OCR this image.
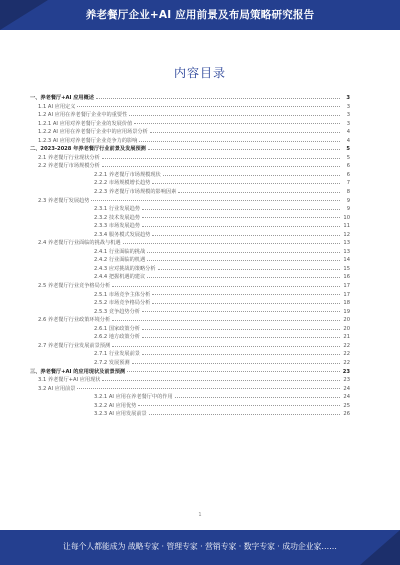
养老餐厅企业+AI 应用前景及布局策略研究报告
内容目录
一、养老餐厅+AI 应用概述	3
1.1 AI 应用定义	3
1.2 AI 应用在养老餐厅企业中的重要性	3
1.2.1 AI 应用对养老餐厅企业的发展价值	3
1.2.2 AI 应用在养老餐厅企业中的应用场景分析	4
1.2.3 AI 应用对养老餐厅企业竞争力的影响	4
二、2023-2028 年养老餐厅行业前景及发展预测	5
2.1 养老餐厅行业现状分析	5
2.2 养老餐厅市场规模分析	6
2.2.1 养老餐厅市场规模现状	6
2.2.2 市场规模增长趋势	7
2.2.3 养老餐厅市场规模的影响因素	8
2.3 养老餐厅发展趋势	9
2.3.1 行业发展趋势	9
2.3.2 技术发展趋势	10
2.3.3 市场发展趋势	11
2.3.4 服务模式发展趋势	12
2.4 养老餐厅行业面临的挑战与机遇	13
2.4.1 行业面临的挑战	13
2.4.2 行业面临的机遇	14
2.4.3 应对挑战的策略分析	15
2.4.4 把握机遇的建议	16
2.5 养老餐厅行业竞争格局分析	17
2.5.1 市场竞争主体分析	17
2.5.2 市场竞争格局分析	18
2.5.3 竞争趋势分析	19
2.6 养老餐厅行业政策环境分析	20
2.6.1 国家政策分析	20
2.6.2 地方政策分析	21
2.7 养老餐厅行业发展前景预测	22
2.7.1 行业发展前景	22
2.7.2 发展预测	22
三、养老餐厅+AI 的应用现状及前景预测	23
3.1 养老餐厅+AI 应用现状	23
3.2 AI 应用前景	24
3.2.1 AI 应用在养老餐厅中的作用	24
3.2.2 AI 应用优势	25
3.2.3 AI 应用发展前景	26
1
让每个人都能成为 战略专家 · 管理专家 · 营销专家 · 数字专家 · 成功企业家……
